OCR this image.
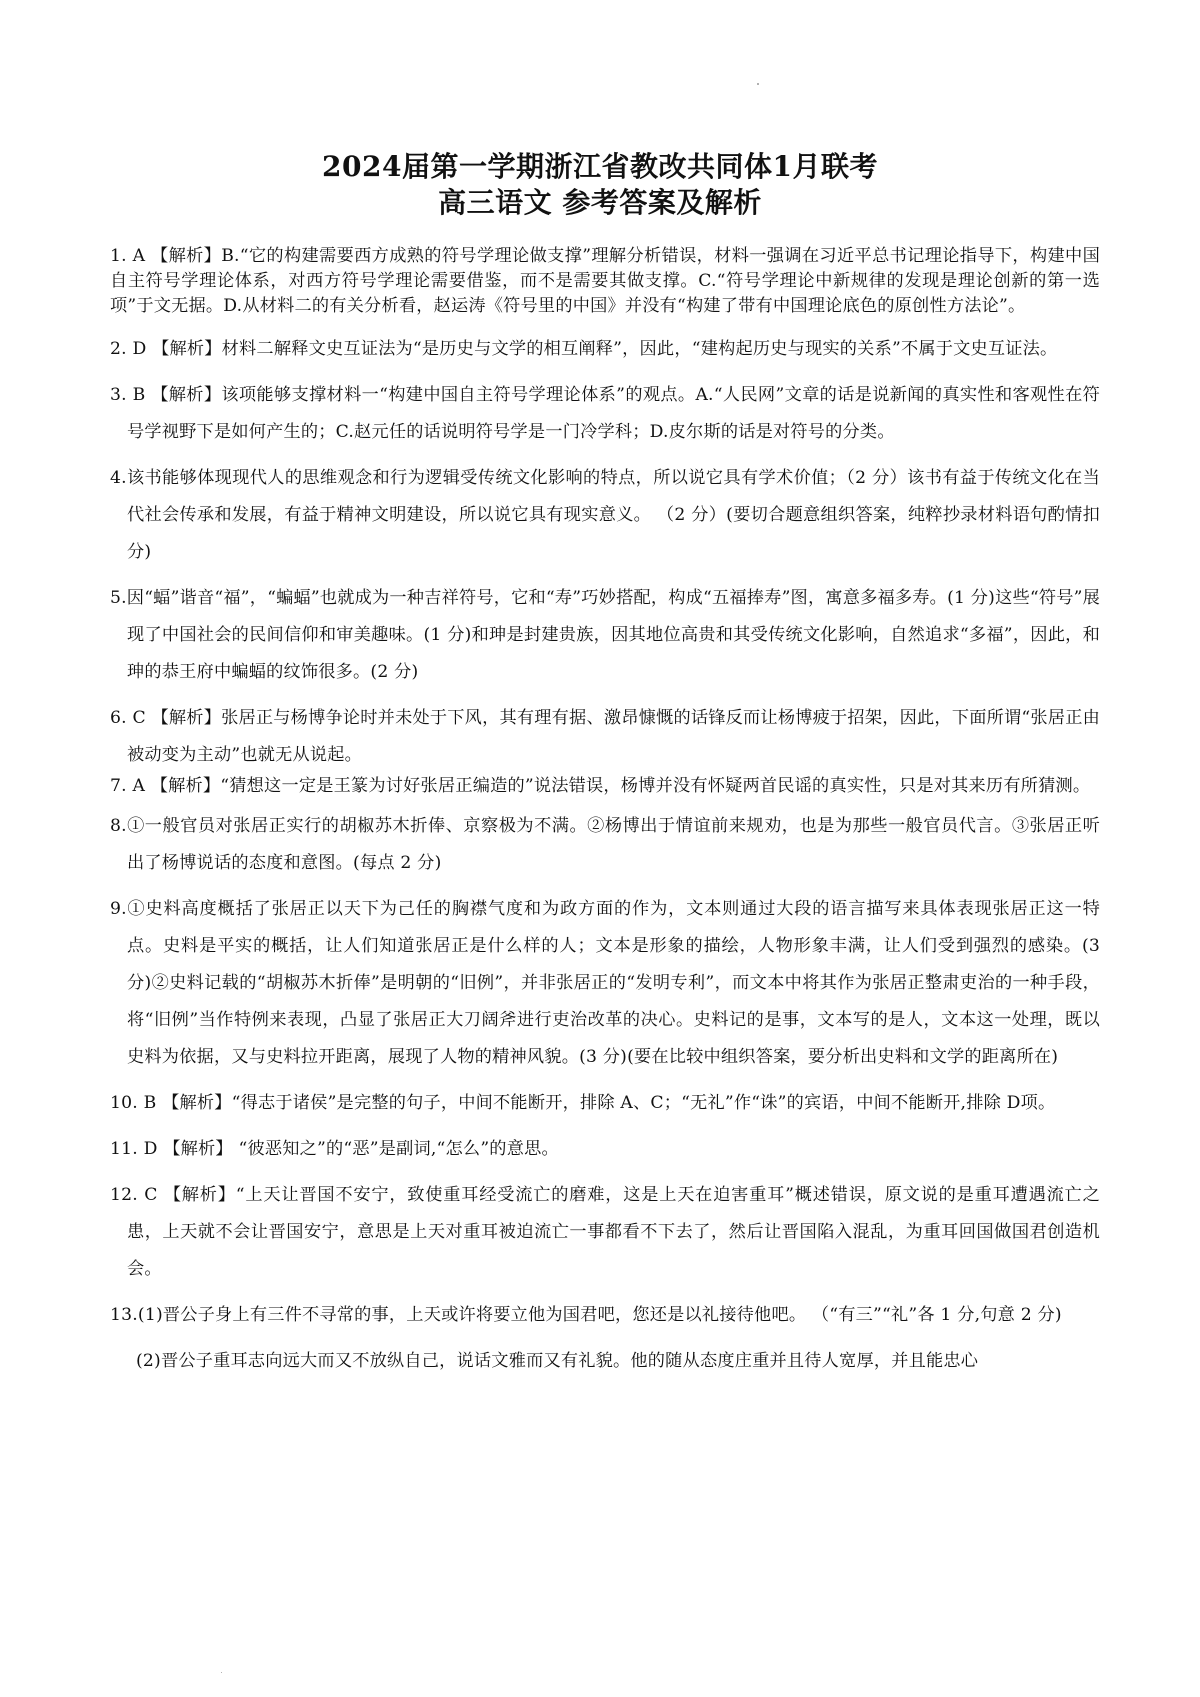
2024届第一学期浙江省教改共同体1月联考
高三语文 参考答案及解析

1. A 【解析】B.“它的构建需要西方成熟的符号学理论做支撑”理解分析错误，材料一强调在习近平总书记理论指导下，构建中国自主符号学理论体系，对西方符号学理论需要借鉴，而不是需要其做支撑。C.“符号学理论中新规律的发现是理论创新的第一选项”于文无据。D.从材料二的有关分析看，赵运涛《符号里的中国》并没有“构建了带有中国理论底色的原创性方法论”。

2. D 【解析】材料二解释文史互证法为“是历史与文学的相互阐释”，因此，“建构起历史与现实的关系”不属于文史互证法。

3. B 【解析】该项能够支撑材料一“构建中国自主符号学理论体系”的观点。A.“人民网”文章的话是说新闻的真实性和客观性在符号学视野下是如何产生的；C.赵元任的话说明符号学是一门冷学科；D.皮尔斯的话是对符号的分类。

4.该书能够体现现代人的思维观念和行为逻辑受传统文化影响的特点，所以说它具有学术价值；（2 分）该书有益于传统文化在当代社会传承和发展，有益于精神文明建设，所以说它具有现实意义。 （2 分）(要切合题意组织答案，纯粹抄录材料语句酌情扣分)

5.因“蝠”谐音“福”，“蝙蝠”也就成为一种吉祥符号，它和“寿”巧妙搭配，构成“五福捧寿”图，寓意多福多寿。(1 分)这些“符号”展现了中国社会的民间信仰和审美趣味。(1 分)和珅是封建贵族，因其地位高贵和其受传统文化影响，自然追求“多福”，因此，和珅的恭王府中蝙蝠的纹饰很多。(2 分)

6. C 【解析】张居正与杨博争论时并未处于下风，其有理有据、激昂慷慨的话锋反而让杨博疲于招架，因此，下面所谓“张居正由被动变为主动”也就无从说起。

7. A 【解析】“猜想这一定是王篆为讨好张居正编造的”说法错误，杨博并没有怀疑两首民谣的真实性，只是对其来历有所猜测。

8.①一般官员对张居正实行的胡椒苏木折俸、京察极为不满。②杨博出于情谊前来规劝，也是为那些一般官员代言。③张居正听出了杨博说话的态度和意图。(每点 2 分)

9.①史料高度概括了张居正以天下为己任的胸襟气度和为政方面的作为，文本则通过大段的语言描写来具体表现张居正这一特点。史料是平实的概括，让人们知道张居正是什么样的人；文本是形象的描绘，人物形象丰满，让人们受到强烈的感染。(3 分)②史料记载的“胡椒苏木折俸”是明朝的“旧例”，并非张居正的“发明专利”，而文本中将其作为张居正整肃吏治的一种手段，将“旧例”当作特例来表现，凸显了张居正大刀阔斧进行吏治改革的决心。史料记的是事，文本写的是人，文本这一处理，既以史料为依据，又与史料拉开距离，展现了人物的精神风貌。(3 分)(要在比较中组织答案，要分析出史料和文学的距离所在)

10. B 【解析】“得志于诸侯”是完整的句子，中间不能断开，排除 A、C；“无礼”作“诛”的宾语，中间不能断开,排除 D项。

11. D 【解析】 “彼恶知之”的“恶”是副词,“怎么”的意思。

12. C 【解析】“上天让晋国不安宁，致使重耳经受流亡的磨难，这是上天在迫害重耳”概述错误，原文说的是重耳遭遇流亡之患，上天就不会让晋国安宁，意思是上天对重耳被迫流亡一事都看不下去了，然后让晋国陷入混乱，为重耳回国做国君创造机会。

13.(1)晋公子身上有三件不寻常的事，上天或许将要立他为国君吧，您还是以礼接待他吧。 （“有三”“礼”各 1 分,句意 2 分)

(2)晋公子重耳志向远大而又不放纵自己，说话文雅而又有礼貌。他的随从态度庄重并且待人宽厚，并且能忠心
